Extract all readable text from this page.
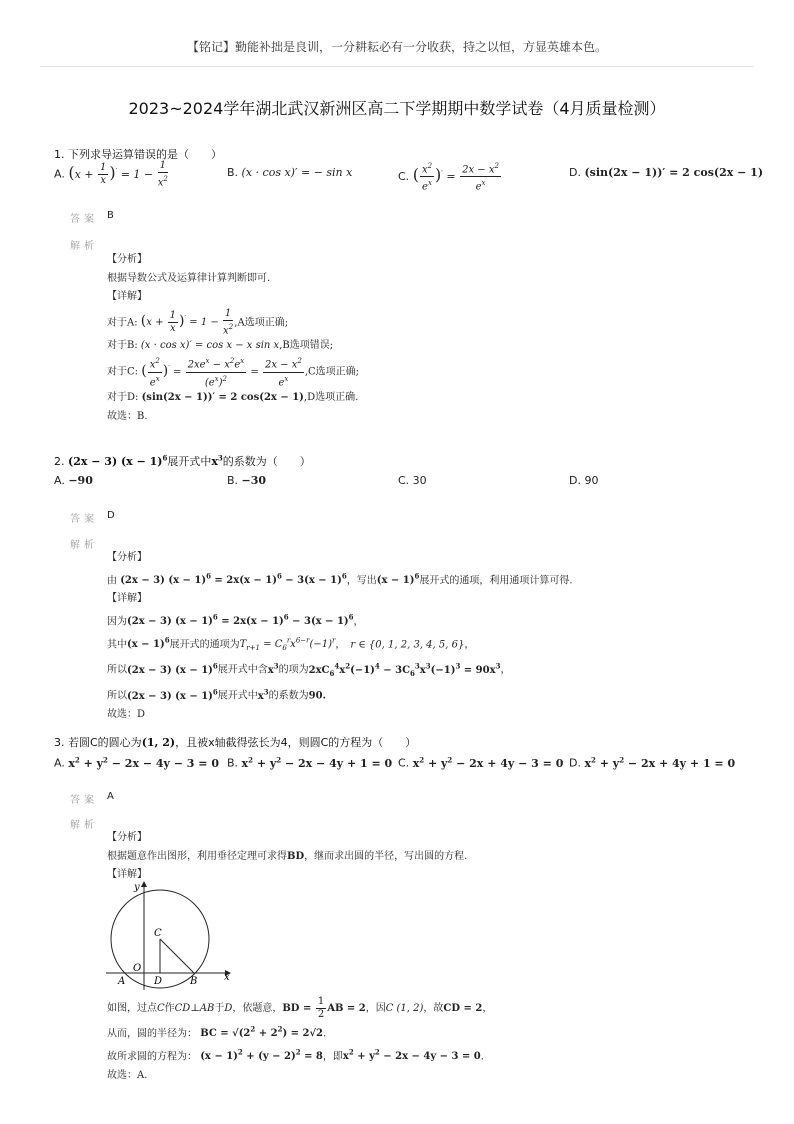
【铭记】勤能补拙是良训，一分耕耘必有一分收获，持之以恒，方显英雄本色。
2023~2024学年湖北武汉新洲区高二下学期期中数学试卷（4月质量检测）
1. 下列求导运算错误的是（　　）
A. $(x + \frac{1}{x} )' = 1 - \frac{1}{x^2}$	B. (x · cos x)′ = − sin x	C. ( $\frac{x^2}{e^x} )' = \frac{2x - x^2}{e^x}$	D. (sin(2x − 1))′ = 2 cos(2x − 1)
答案 B
解析
【分析】
根据导数公式及运算律计算判断即可.
【详解】
对于A: $(x + \frac{1}{x} )' = 1 - \frac{1}{x^2} ,A$选项正确;
对于B: (x · cos x)′ = cos x − x sin x,B选项错误;
对于C: ( $\frac{x^2}{e^x} )' = \frac{2xe^x - x^2e^x}{(e^x)^2} = \frac{2x - x^2}{e^x} ,C$选项正确;
对于D: (sin(2x − 1))′ = 2 cos(2x − 1),D选项正确.
故选：B.
2. (2x − 3) $(x - 1)^6$展开式中$x^3$的系数为（　　）
A. −90	B. −30	C. 30	D. 90
答案 D
解析
【分析】
由 (2x − 3) $(x - 1)^6 = 2x(x - 1)^6 - 3(x - 1)^6$，写出$(x - 1)^6$展开式的通项，利用通项计算可得.
【详解】
因为(2x − 3) $(x - 1)^6 = 2x(x - 1)^6 - 3(x - 1)^6$，
其中$(x - 1)^6$展开式的通项为$T_{r+1} = C_6^rx^{6-r}(-1)^r$，　 r ∈ {0, 1, 2, 3, 4, 5, 6}，
所以(2x − 3) $(x - 1)^6$展开式中含$x^3$的项为$2xC_6^4x^2(-1)^4 - 3C_6^3x^3(-1)^3 = 90x^3$，
所以(2x − 3) $(x - 1)^6$展开式中$x^3$的系数为90.
故选：D
3. 若圆C的圆心为(1, 2)，且被x轴截得弦长为4，则圆C的方程为（　　）
A. $x^2 + y^2 - 2x - 4y - 3 = 0$ B. $x^2 + y^2 - 2x - 4y + 1 = 0$ C. $x^2 + y^2 - 2x + 4y - 3 = 0$ D. $x^2 + y^2 - 2x + 4y + 1 = 0$
答案 A
解析
【分析】
根据题意作出图形，利用垂径定理可求得BD，继而求出圆的半径，写出圆的方程.
【详解】
y
C
O
A	D	B	x
如图，过点C作CD⊥AB于D，依题意，BD = $\frac{1}{2}$ AB = 2，因C (1, 2)，故CD = 2，
从而，圆的半径为： BC = $√(2^2 + 2^2) = 2√2$.
故所求圆的方程为： $(x - 1)^2 + (y - 2)^2 = 8$，即$x^2 + y^2 - 2x - 4y - 3 = 0$.
故选：A.
